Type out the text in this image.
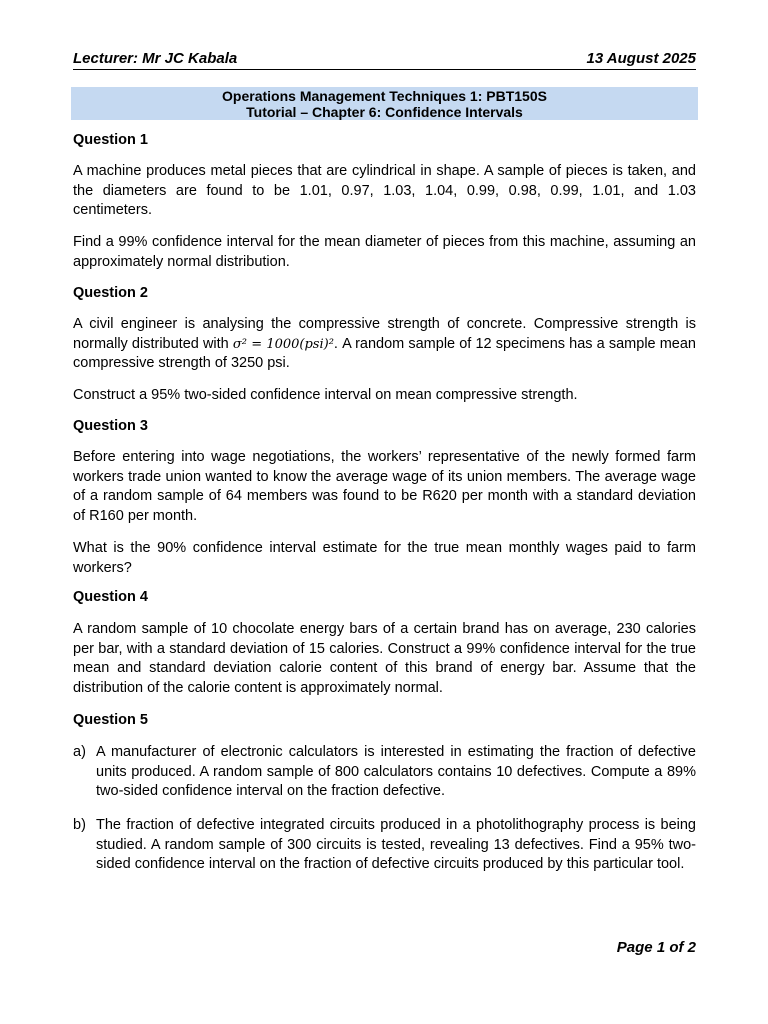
Lecturer: Mr JC Kabala	13 August 2025
Operations Management Techniques 1: PBT150S
Tutorial – Chapter 6: Confidence Intervals
Question 1
A machine produces metal pieces that are cylindrical in shape. A sample of pieces is taken, and the diameters are found to be 1.01, 0.97, 1.03, 1.04, 0.99, 0.98, 0.99, 1.01, and 1.03 centimeters.
Find a 99% confidence interval for the mean diameter of pieces from this machine, assuming an approximately normal distribution.
Question 2
A civil engineer is analysing the compressive strength of concrete. Compressive strength is normally distributed with σ² = 1000(psi)². A random sample of 12 specimens has a sample mean compressive strength of 3250 psi.
Construct a 95% two-sided confidence interval on mean compressive strength.
Question 3
Before entering into wage negotiations, the workers’ representative of the newly formed farm workers trade union wanted to know the average wage of its union members. The average wage of a random sample of 64 members was found to be R620 per month with a standard deviation of R160 per month.
What is the 90% confidence interval estimate for the true mean monthly wages paid to farm workers?
Question 4
A random sample of 10 chocolate energy bars of a certain brand has on average, 230 calories per bar, with a standard deviation of 15 calories. Construct a 99% confidence interval for the true mean and standard deviation calorie content of this brand of energy bar. Assume that the distribution of the calorie content is approximately normal.
Question 5
a) A manufacturer of electronic calculators is interested in estimating the fraction of defective units produced. A random sample of 800 calculators contains 10 defectives. Compute a 89% two-sided confidence interval on the fraction defective.
b) The fraction of defective integrated circuits produced in a photolithography process is being studied. A random sample of 300 circuits is tested, revealing 13 defectives. Find a 95% two-sided confidence interval on the fraction of defective circuits produced by this particular tool.
Page 1 of 2
